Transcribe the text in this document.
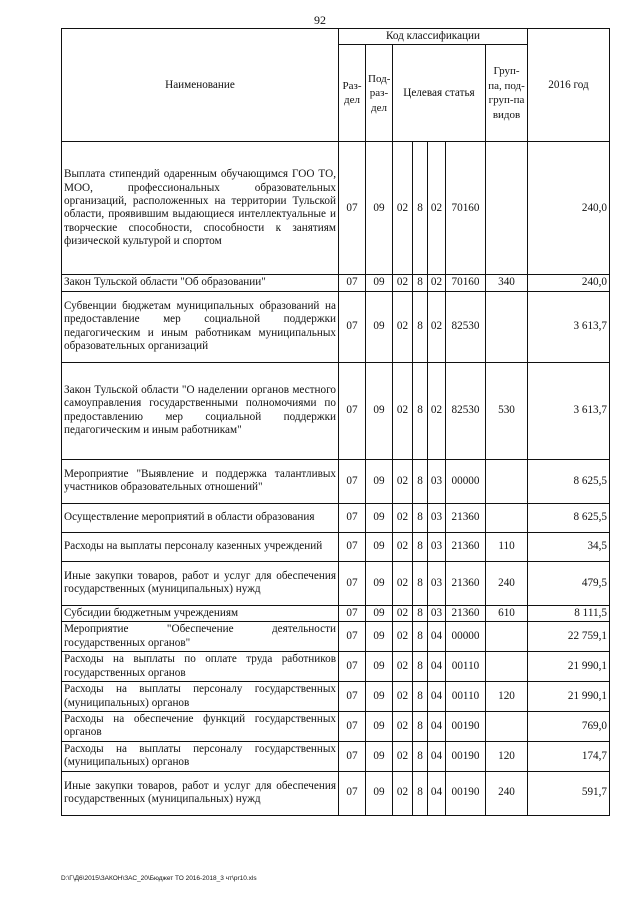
92
Наименование	Код классификации							2016 год
	Раз-дел	Под-раз-дел	Целевая статья				Груп-па, под-груп-па видов	
Выплата стипендий одаренным обучающимся ГОО ТО, МОО, профессиональных образовательных организаций, расположенных на территории Тульской области, проявившим выдающиеся интеллектуальные и творческие способности, способности к занятиям физической культурой и спортом	07	09	02	8	02	70160		240,0
Закон Тульской области "Об образовании"	07	09	02	8	02	70160	340	240,0
Субвенции бюджетам муниципальных образований на предоставление мер социальной поддержки педагогическим и иным работникам муниципальных образовательных организаций	07	09	02	8	02	82530		3 613,7
Закон Тульской области "О наделении органов местного самоуправления государственными полномочиями по предоставлению мер социальной поддержки педагогическим и иным работникам"	07	09	02	8	02	82530	530	3 613,7
Мероприятие "Выявление и поддержка талантливых участников образовательных отношений"	07	09	02	8	03	00000		8 625,5
Осуществление мероприятий в области образования	07	09	02	8	03	21360		8 625,5
Расходы на выплаты персоналу казенных учреждений	07	09	02	8	03	21360	110	34,5
Иные закупки товаров, работ и услуг для обеспечения государственных (муниципальных) нужд	07	09	02	8	03	21360	240	479,5
Субсидии бюджетным учреждениям	07	09	02	8	03	21360	610	8 111,5
Мероприятие "Обеспечение деятельности государственных органов"	07	09	02	8	04	00000		22 759,1
Расходы на выплаты по оплате труда работников государственных органов	07	09	02	8	04	00110		21 990,1
Расходы на выплаты персоналу государственных (муниципальных) органов	07	09	02	8	04	00110	120	21 990,1
Расходы на обеспечение функций государственных органов	07	09	02	8	04	00190		769,0
Расходы на выплаты персоналу государственных (муниципальных) органов	07	09	02	8	04	00190	120	174,7
Иные закупки товаров, работ и услуг для обеспечения государственных (муниципальных) нужд	07	09	02	8	04	00190	240	591,7
D:\Г\Д6\2015\ЗАКОН\ЗАС_20\Бюджет ТО 2016-2018_3 чт\pr10.xls
